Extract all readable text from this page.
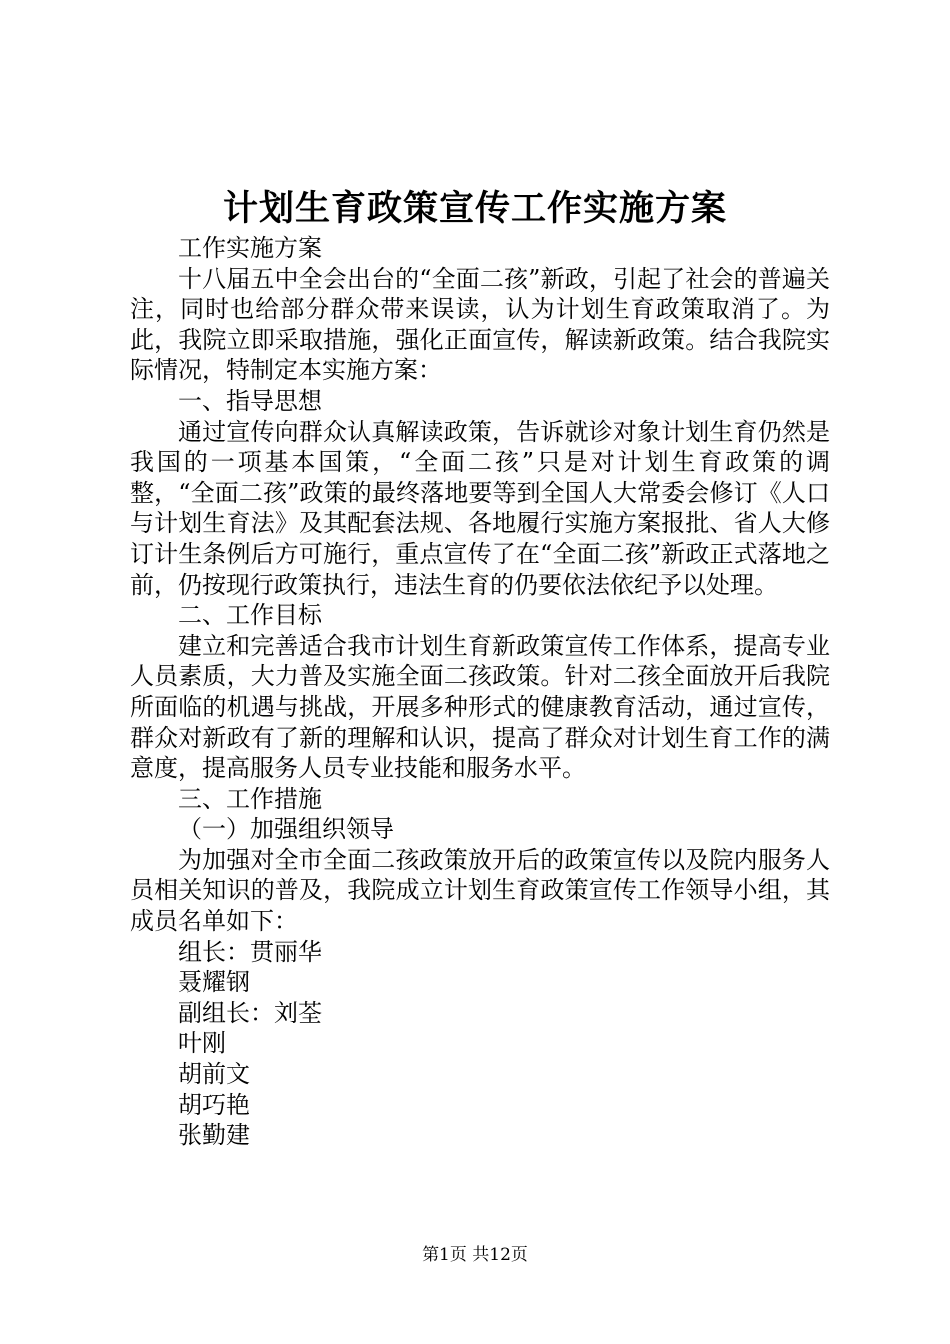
计划生育政策宣传工作实施方案

工作实施方案

十八届五中全会出台的“全面二孩”新政，引起了社会的普遍关注，同时也给部分群众带来误读，认为计划生育政策取消了。为此，我院立即采取措施，强化正面宣传，解读新政策。结合我院实际情况，特制定本实施方案：

一、指导思想

通过宣传向群众认真解读政策，告诉就诊对象计划生育仍然是我国的一项基本国策，“全面二孩”只是对计划生育政策的调整，“全面二孩”政策的最终落地要等到全国人大常委会修订《人口与计划生育法》及其配套法规、各地履行实施方案报批、省人大修订计生条例后方可施行，重点宣传了在“全面二孩”新政正式落地之前，仍按现行政策执行，违法生育的仍要依法依纪予以处理。

二、工作目标

建立和完善适合我市计划生育新政策宣传工作体系，提高专业人员素质，大力普及实施全面二孩政策。针对二孩全面放开后我院所面临的机遇与挑战，开展多种形式的健康教育活动，通过宣传，群众对新政有了新的理解和认识，提高了群众对计划生育工作的满意度，提高服务人员专业技能和服务水平。

三、工作措施

（一）加强组织领导

为加强对全市全面二孩政策放开后的政策宣传以及院内服务人员相关知识的普及，我院成立计划生育政策宣传工作领导小组，其成员名单如下：

组长：贯丽华

聂耀钢

副组长：刘荃

叶刚

胡前文

胡巧艳

张勤建

第1页 共12页
